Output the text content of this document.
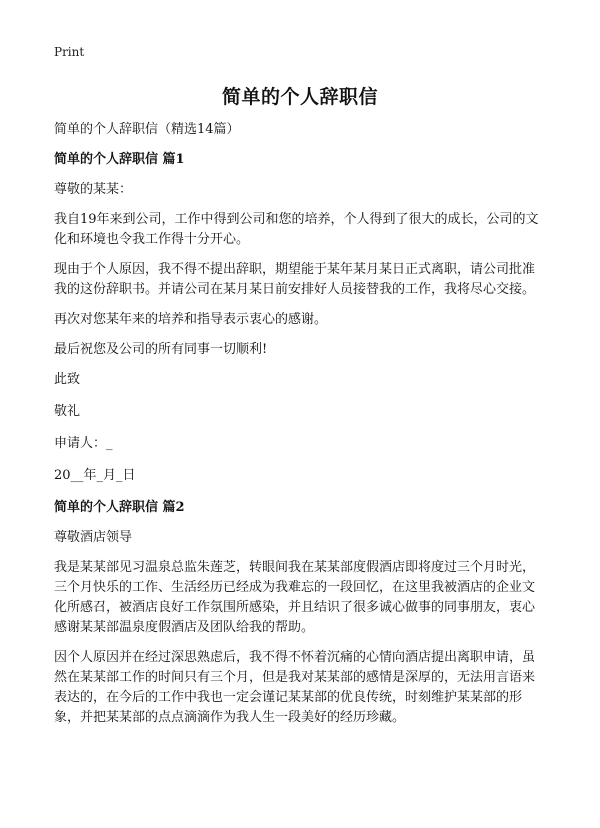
Print
简单的个人辞职信

简单的个人辞职信（精选14篇）

简单的个人辞职信 篇1

尊敬的某某：

我自19年来到公司，工作中得到公司和您的培养，个人得到了很大的成长，公司的文化和环境也令我工作得十分开心。

现由于个人原因，我不得不提出辞职，期望能于某年某月某日正式离职，请公司批准我的这份辞职书。并请公司在某月某日前安排好人员接替我的工作，我将尽心交接。

再次对您某年来的培养和指导表示衷心的感谢。

最后祝您及公司的所有同事一切顺利!

此致

敬礼

申请人：_

20__年_月_日

简单的个人辞职信 篇2

尊敬酒店领导

我是某某部见习温泉总监朱莲芝，转眼间我在某某部度假酒店即将度过三个月时光，三个月快乐的工作、生活经历已经成为我难忘的一段回忆，在这里我被酒店的企业文化所感召，被酒店良好工作氛围所感染，并且结识了很多诚心做事的同事朋友，衷心感谢某某部温泉度假酒店及团队给我的帮助。

因个人原因并在经过深思熟虑后，我不得不怀着沉痛的心情向酒店提出离职申请，虽然在某某部工作的时间只有三个月，但是我对某某部的感情是深厚的，无法用言语来表达的，在今后的工作中我也一定会谨记某某部的优良传统，时刻维护某某部的形象，并把某某部的点点滴滴作为我人生一段美好的经历珍藏。
